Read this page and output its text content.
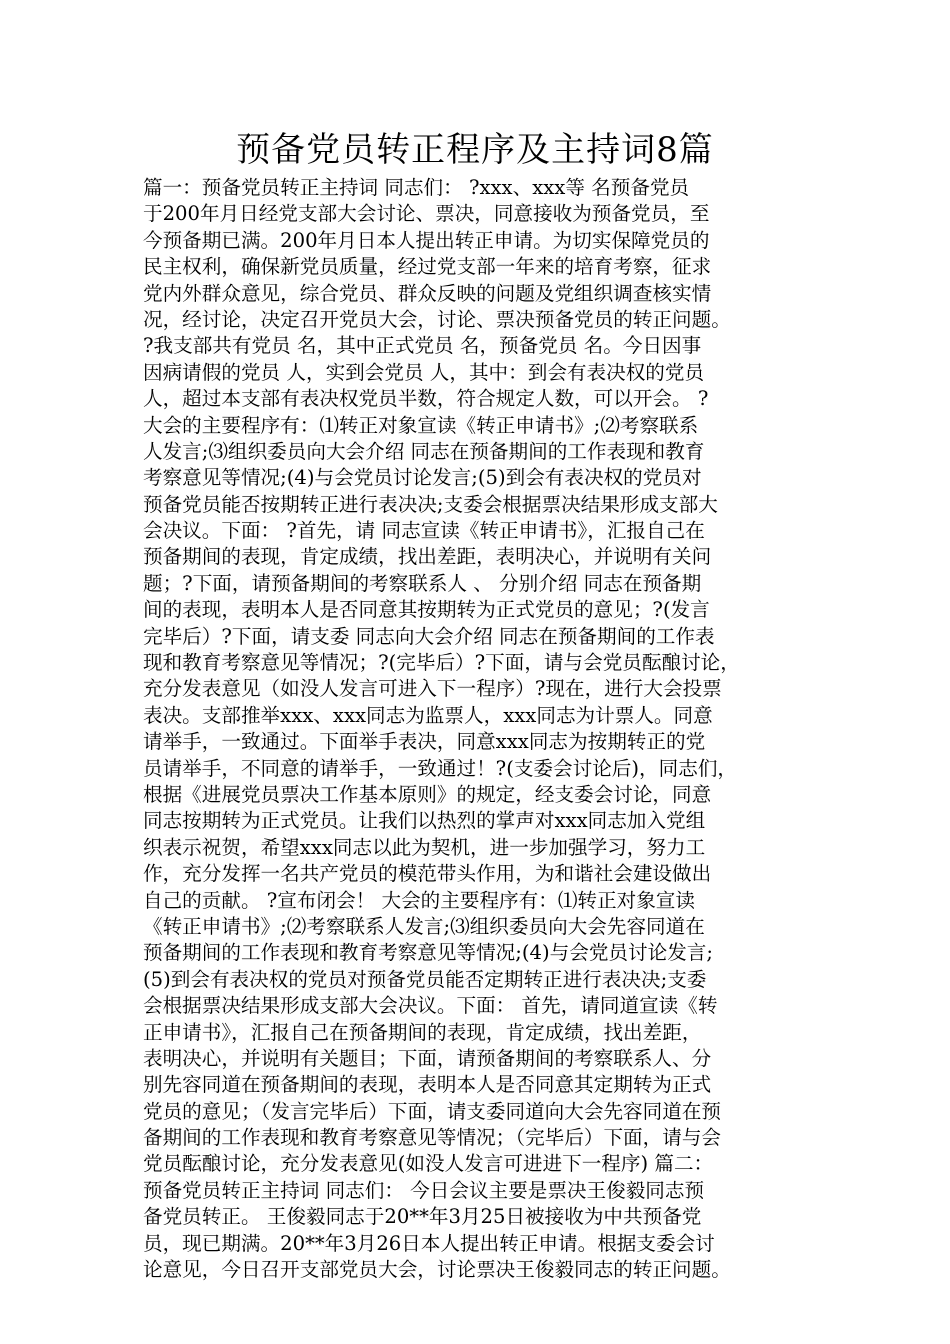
预备党员转正程序及主持词8篇
篇一：预备党员转正主持词 同志们： ?xxx、xxx等 名预备党员
于200年月日经党支部大会讨论、票决，同意接收为预备党员，至
今预备期已满。200年月日本人提出转正申请。为切实保障党员的
民主权利，确保新党员质量，经过党支部一年来的培育考察，征求
党内外群众意见，综合党员、群众反映的问题及党组织调查核实情
况，经讨论，决定召开党员大会，讨论、票决预备党员的转正问题。
?我支部共有党员 名，其中正式党员 名，预备党员 名。今日因事
因病请假的党员 人，实到会党员 人，其中：到会有表决权的党员
人，超过本支部有表决权党员半数，符合规定人数，可以开会。 ?
大会的主要程序有：⑴转正对象宣读《转正申请书》;⑵考察联系
人发言;⑶组织委员向大会介绍 同志在预备期间的工作表现和教育
考察意见等情况;(4)与会党员讨论发言;(5)到会有表决权的党员对
预备党员能否按期转正进行表决决;支委会根据票决结果形成支部大
会决议。下面： ?首先，请 同志宣读《转正申请书》，汇报自己在
预备期间的表现，肯定成绩，找出差距，表明决心，并说明有关问
题；?下面，请预备期间的考察联系人 、 分别介绍 同志在预备期
间的表现，表明本人是否同意其按期转为正式党员的意见；?(发言
完毕后）?下面，请支委 同志向大会介绍 同志在预备期间的工作表
现和教育考察意见等情况；?(完毕后）?下面，请与会党员酝酿讨论，
充分发表意见（如没人发言可进入下一程序）?现在，进行大会投票
表决。支部推举xxx、xxx同志为监票人，xxx同志为计票人。同意
请举手，一致通过。下面举手表决，同意xxx同志为按期转正的党
员请举手，不同意的请举手，一致通过！?(支委会讨论后)，同志们，
根据《进展党员票决工作基本原则》的规定，经支委会讨论，同意
同志按期转为正式党员。让我们以热烈的掌声对xxx同志加入党组
织表示祝贺，希望xxx同志以此为契机，进一步加强学习，努力工
作，充分发挥一名共产党员的模范带头作用，为和谐社会建设做出
自己的贡献。 ?宣布闭会！ 大会的主要程序有：⑴转正对象宣读
《转正申请书》;⑵考察联系人发言;⑶组织委员向大会先容同道在
预备期间的工作表现和教育考察意见等情况;(4)与会党员讨论发言;
(5)到会有表决权的党员对预备党员能否定期转正进行表决决;支委
会根据票决结果形成支部大会决议。下面： 首先，请同道宣读《转
正申请书》，汇报自己在预备期间的表现，肯定成绩，找出差距，
表明决心，并说明有关题目；下面，请预备期间的考察联系人、分
别先容同道在预备期间的表现，表明本人是否同意其定期转为正式
党员的意见；（发言完毕后）下面，请支委同道向大会先容同道在预
备期间的工作表现和教育考察意见等情况；（完毕后）下面，请与会
党员酝酿讨论，充分发表意见(如没人发言可进进下一程序) 篇二：
预备党员转正主持词 同志们： 今日会议主要是票决王俊毅同志预
备党员转正。 王俊毅同志于20**年3月25日被接收为中共预备党
员，现已期满。20**年3月26日本人提出转正申请。根据支委会讨
论意见，今日召开支部党员大会，讨论票决王俊毅同志的转正问题。
